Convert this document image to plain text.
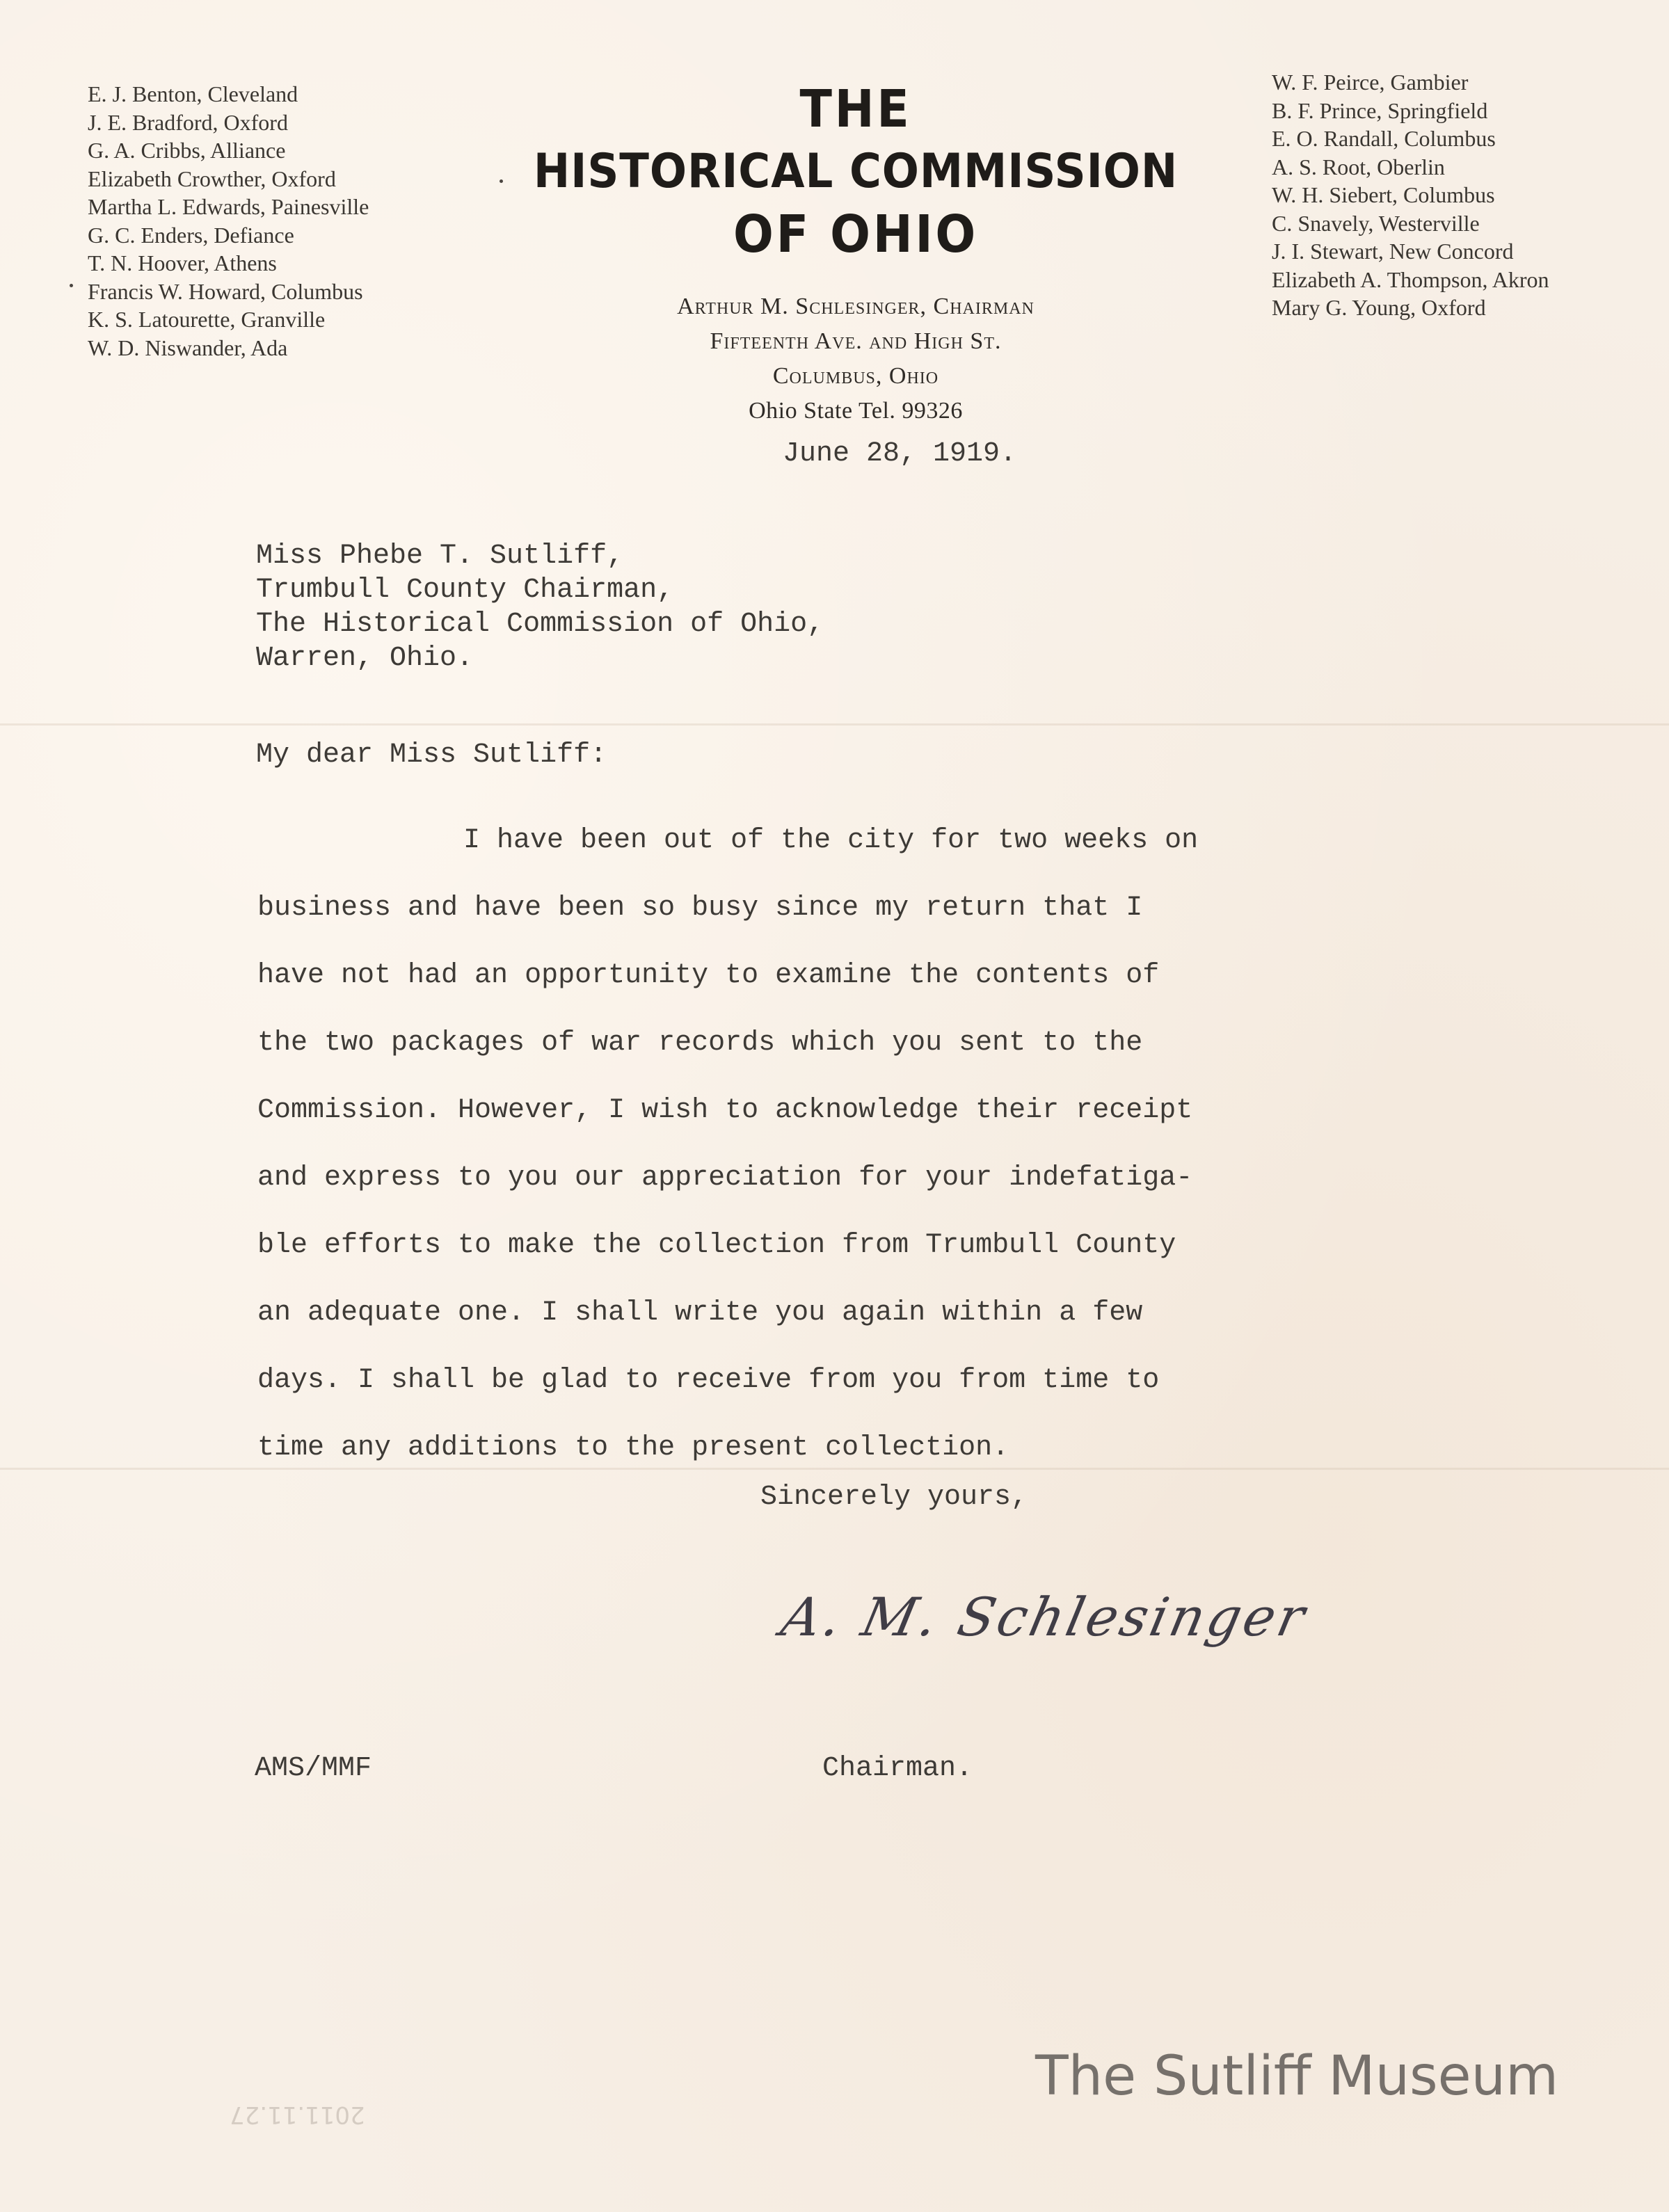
E. J. Benton, Cleveland
J. E. Bradford, Oxford
G. A. Cribbs, Alliance
Elizabeth Crowther, Oxford
Martha L. Edwards, Painesville
G. C. Enders, Defiance
T. N. Hoover, Athens
Francis W. Howard, Columbus
K. S. Latourette, Granville
W. D. Niswander, Ada
W. F. Peirce, Gambier
B. F. Prince, Springfield
E. O. Randall, Columbus
A. S. Root, Oberlin
W. H. Siebert, Columbus
C. Snavely, Westerville
J. I. Stewart, New Concord
Elizabeth A. Thompson, Akron
Mary G. Young, Oxford
THE
HISTORICAL COMMISSION
OF OHIO
Arthur M. Schlesinger, Chairman
Fifteenth Ave. and High St.
Columbus, Ohio
Ohio State Tel. 99326
June 28, 1919.
Miss Phebe T. Sutliff,
Trumbull County Chairman,
The Historical Commission of Ohio,
Warren, Ohio.
My dear Miss Sutliff:
I have been out of the city for two weeks on
business and have been so busy since my return that I
have not had an opportunity to examine the contents of
the two packages of war records which you sent to the
Commission. However, I wish to acknowledge their receipt
and express to you our appreciation for your indefatiga-
ble efforts to make the collection from Trumbull County
an adequate one. I shall write you again within a few
days. I shall be glad to receive from you from time to
time any additions to the present collection.
Sincerely yours,
A. M. Schlesinger
AMS/MMF	Chairman.
2011.11.27
The Sutliff Museum
